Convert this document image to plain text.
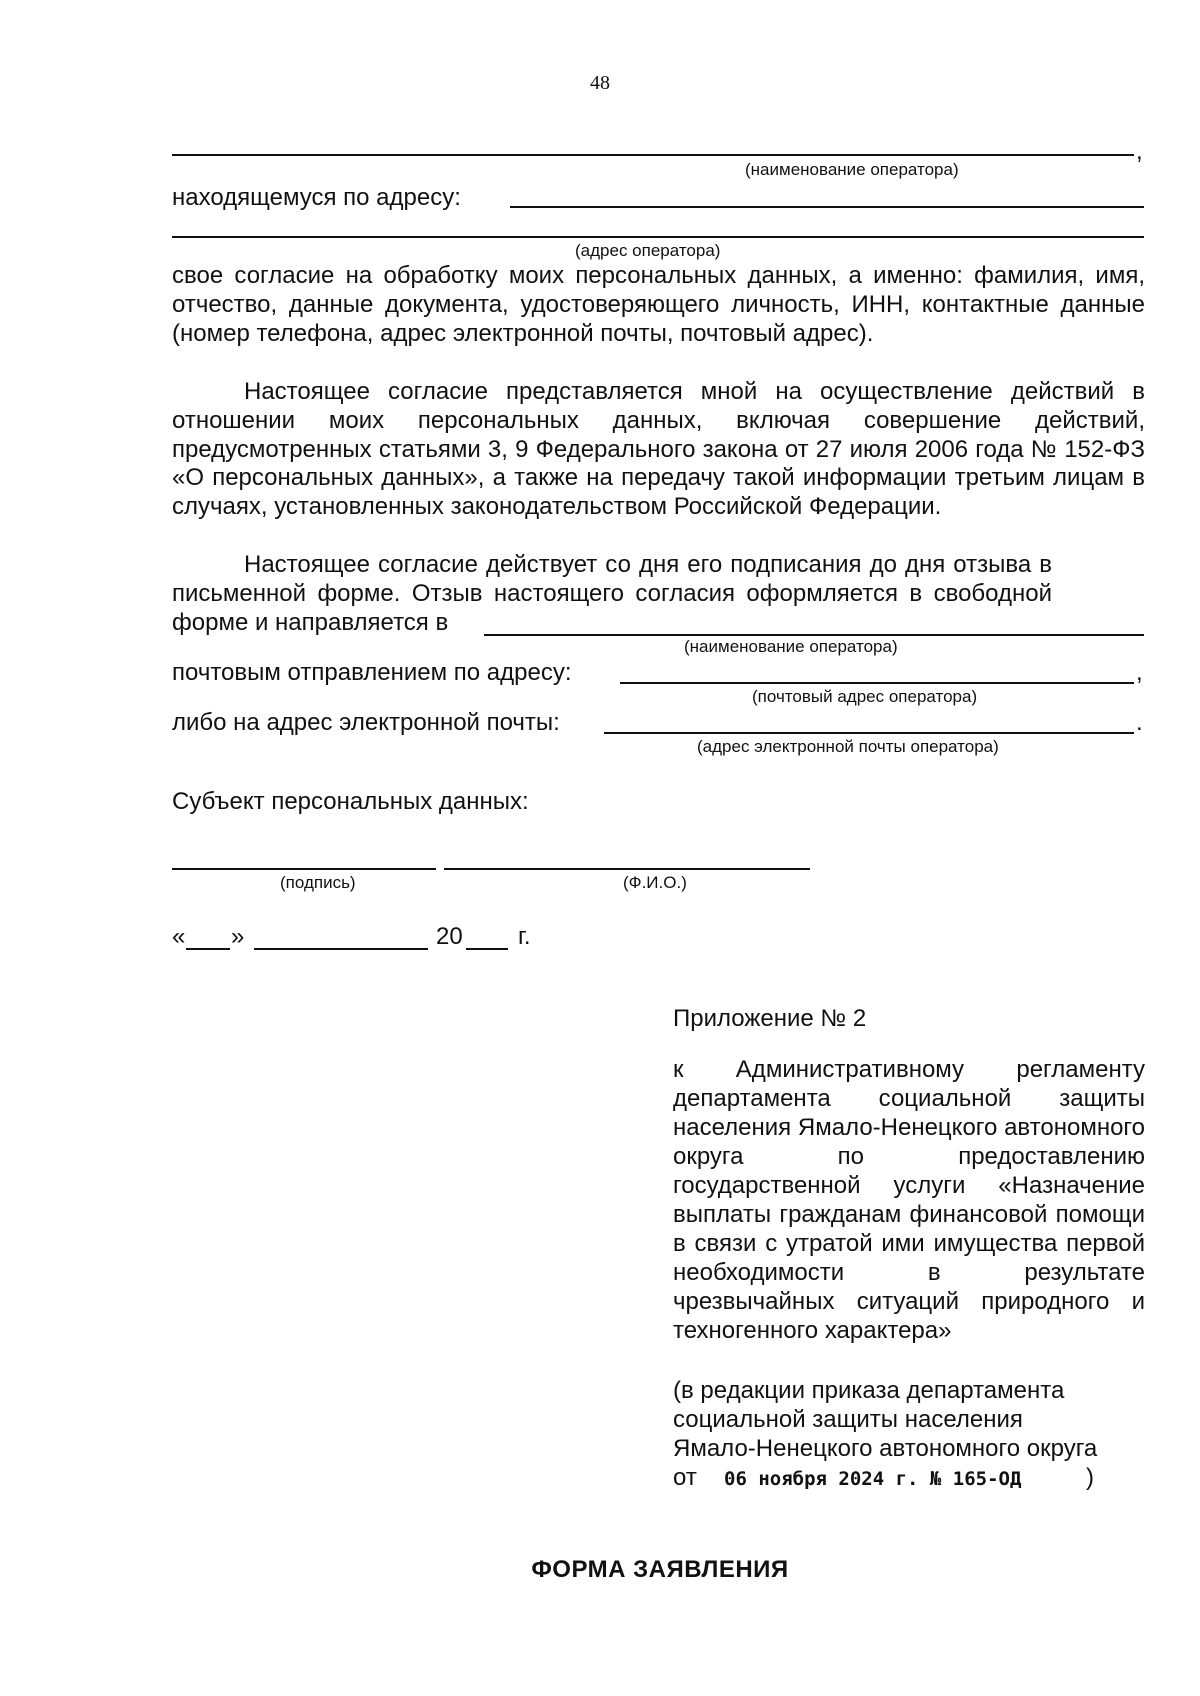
48
,
(наименование оператора)
находящемуся по адресу:
(адрес оператора)

свое согласие на обработку моих персональных данных, а именно: фамилия, имя, отчество, данные документа, удостоверяющего личность, ИНН, контактные данные (номер телефона, адрес электронной почты, почтовый адрес).

Настоящее согласие представляется мной на осуществление действий в отношении моих персональных данных, включая совершение действий, предусмотренных статьями 3, 9 Федерального закона от 27 июля 2006 года № 152-ФЗ «О персональных данных», а также на передачу такой информации третьим лицам в случаях, установленных законодательством Российской Федерации.

Настоящее согласие действует со дня его подписания до дня отзыва в письменной форме. Отзыв настоящего согласия оформляется в свободной форме и направляется в

(наименование оператора)
почтовым отправлением по адресу:	,
(почтовый адрес оператора)
либо на адрес электронной почты:	.
(адрес электронной почты оператора)
Субъект персональных данных:
(подпись)	(Ф.И.О.)
« »	20 г.
Приложение № 2

к Административному регламенту департамента социальной защиты населения Ямало-Ненецкого автономного округа по предоставлению государственной услуги «Назначение выплаты гражданам финансовой помощи в связи с утратой ими имущества первой необходимости в результате чрезвычайных ситуаций природного и техногенного характера»

(в редакции приказа департамента
социальной защиты населения
Ямало-Ненецкого автономного округа
от 06 ноября 2024 г. № 165-ОД	)
ФОРМА ЗАЯВЛЕНИЯ
